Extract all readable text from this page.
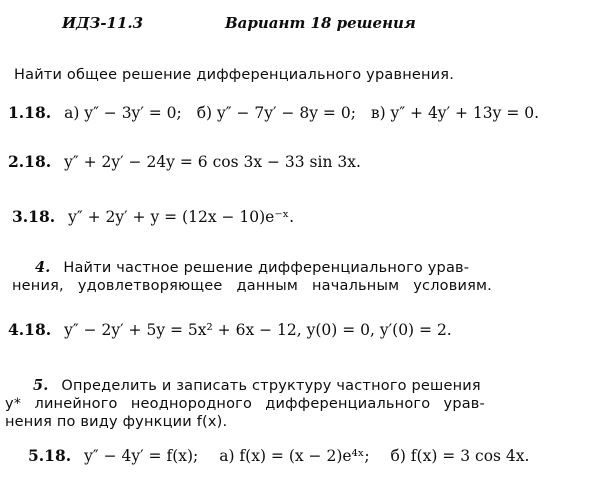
ИДЗ-11.3	Вариант 18 решения
Найти общее решение дифференциального уравнения.
1.18. а) y″ − 3y′ = 0; б) y″ − 7y′ − 8y = 0; в) y″ + 4y′ + 13y = 0.
2.18. y″ + 2y′ − 24y = 6 cos 3x − 33 sin 3x.
3.18. y″ + 2y′ + y = (12x − 10)e⁻ˣ.
4. Найти частное решение дифференциального урав-
нения, удовлетворяющее данным начальным условиям.
4.18. y″ − 2y′ + 5y = 5x² + 6x − 12, y(0) = 0, y′(0) = 2.
5. Определить и записать структуру частного решения
y* линейного неоднородного дифференциального урав-
нения по виду функции f(x).
5.18. y″ − 4y′ = f(x); а) f(x) = (x − 2)e⁴ˣ; б) f(x) = 3 cos 4x.
